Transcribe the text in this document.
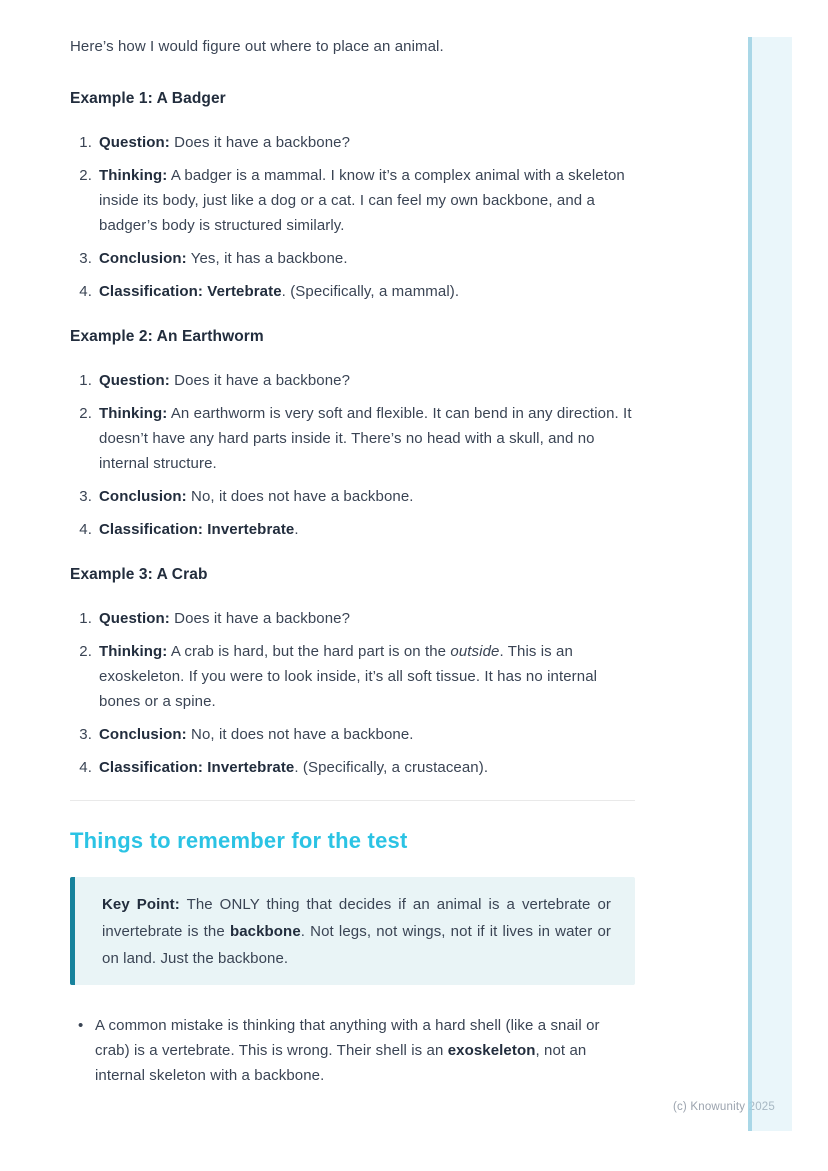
Here’s how I would figure out where to place an animal.

Example 1: A Badger
1. Question: Does it have a backbone?
2. Thinking: A badger is a mammal. I know it’s a complex animal with a skeleton inside its body, just like a dog or a cat. I can feel my own backbone, and a badger’s body is structured similarly.
3. Conclusion: Yes, it has a backbone.
4. Classification: Vertebrate. (Specifically, a mammal).
Example 2: An Earthworm
1. Question: Does it have a backbone?
2. Thinking: An earthworm is very soft and flexible. It can bend in any direction. It doesn’t have any hard parts inside it. There’s no head with a skull, and no internal structure.
3. Conclusion: No, it does not have a backbone.
4. Classification: Invertebrate.
Example 3: A Crab
1. Question: Does it have a backbone?
2. Thinking: A crab is hard, but the hard part is on the outside. This is an exoskeleton. If you were to look inside, it’s all soft tissue. It has no internal bones or a spine.
3. Conclusion: No, it does not have a backbone.
4. Classification: Invertebrate. (Specifically, a crustacean).
Things to remember for the test

Key Point: The ONLY thing that decides if an animal is a vertebrate or invertebrate is the backbone. Not legs, not wings, not if it lives in water or on land. Just the backbone.

• A common mistake is thinking that anything with a hard shell (like a snail or crab) is a vertebrate. This is wrong. Their shell is an exoskeleton, not an internal skeleton with a backbone.
(c) Knowunity 2025
